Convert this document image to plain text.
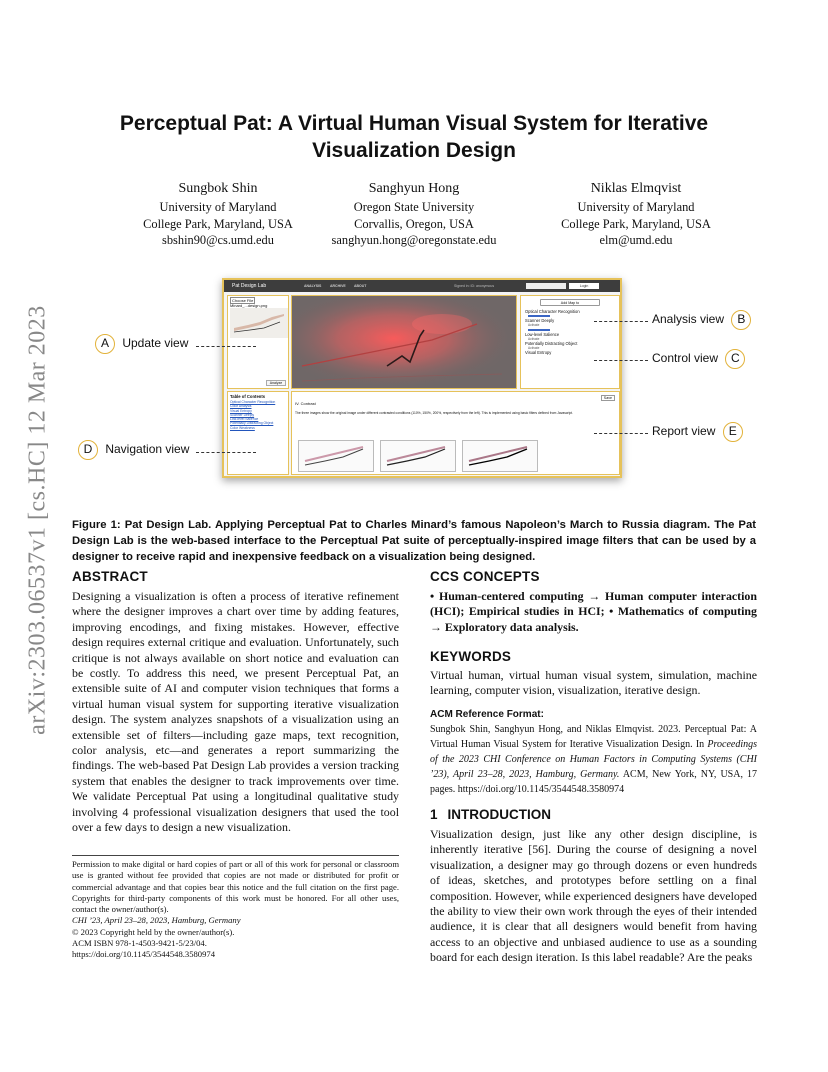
arXiv:2303.06537v1 [cs.HC] 12 Mar 2023
Perceptual Pat: A Virtual Human Visual System for Iterative
Visualization Design
Sungbok Shin
University of Maryland
College Park, Maryland, USA
sbshin90@cs.umd.edu
Sanghyun Hong
Oregon State University
Corvallis, Oregon, USA
sanghyun.hong@oregonstate.edu
Niklas Elmqvist
University of Maryland
College Park, Maryland, USA
elm@umd.edu
Pat Design Lab	ANALYSIS ARCHIVE ABOUT	Signed in: ID: anonymous	Login
Choose File Minard_...design.png
Analyze
Table of Contents
Optical Character Recognition
Color Analysis
Visual Entropy
Scanner Deeply
Low-level Salience
Potentially Distracting Object
Color Weakness
Add Map to
Optical Character Recognition
Scanner Deeply
Activate
Low-level Salience
Activate
Potentially Distracting Object
Activate
Visual Entropy
Save
IV. Contrast
The three images show the original image under different contrasted conditions (110%, 150%, 200%, respectively from the left). This is implemented using basic filters defined from Javascript.
A Update view
D Navigation view
Analysis view B
Control view C
Report view E
Figure 1: Pat Design Lab. Applying Perceptual Pat to Charles Minard’s famous Napoleon’s March to Russia diagram. The Pat Design Lab is the web-based interface to the Perceptual Pat suite of perceptually-inspired image filters that can be used by a designer to receive rapid and inexpensive feedback on a visualization being designed.
ABSTRACT
Designing a visualization is often a process of iterative refinement where the designer improves a chart over time by adding features, improving encodings, and fixing mistakes. However, effective design requires external critique and evaluation. Unfortunately, such critique is not always available on short notice and evaluation can be costly. To address this need, we present Perceptual Pat, an extensible suite of AI and computer vision techniques that forms a virtual human visual system for supporting iterative visualization design. The system analyzes snapshots of a visualization using an extensible set of filters—including gaze maps, text recognition, color analysis, etc—and generates a report summarizing the findings. The web-based Pat Design Lab provides a version tracking system that enables the designer to track improvements over time. We validate Perceptual Pat using a longitudinal qualitative study involving 4 professional visualization designers that used the tool over a few days to design a new visualization.
CCS CONCEPTS
• Human-centered computing → Human computer interaction (HCI); Empirical studies in HCI; • Mathematics of computing → Exploratory data analysis.
KEYWORDS
Virtual human, virtual human visual system, simulation, machine learning, computer vision, visualization, iterative design.
ACM Reference Format:
Sungbok Shin, Sanghyun Hong, and Niklas Elmqvist. 2023. Perceptual Pat: A Virtual Human Visual System for Iterative Visualization Design. In Proceedings of the 2023 CHI Conference on Human Factors in Computing Systems (CHI ’23), April 23–28, 2023, Hamburg, Germany. ACM, New York, NY, USA, 17 pages. https://doi.org/10.1145/3544548.3580974
1 INTRODUCTION
Visualization design, just like any other design discipline, is inherently iterative [56]. During the course of designing a novel visualization, a designer may go through dozens or even hundreds of ideas, sketches, and prototypes before settling on a final composition. However, while experienced designers have developed the ability to view their own work through the eyes of their intended audience, it is clear that all designers would benefit from having access to an objective and unbiased audience to use as a sounding board for each design iteration. Is this label readable? Are the peaks

Permission to make digital or hard copies of part or all of this work for personal or classroom use is granted without fee provided that copies are not made or distributed for profit or commercial advantage and that copies bear this notice and the full citation on the first page. Copyrights for third-party components of this work must be honored. For all other uses, contact the owner/author(s).

CHI ’23, April 23–28, 2023, Hamburg, Germany

© 2023 Copyright held by the owner/author(s).

ACM ISBN 978-1-4503-9421-5/23/04.

https://doi.org/10.1145/3544548.3580974
